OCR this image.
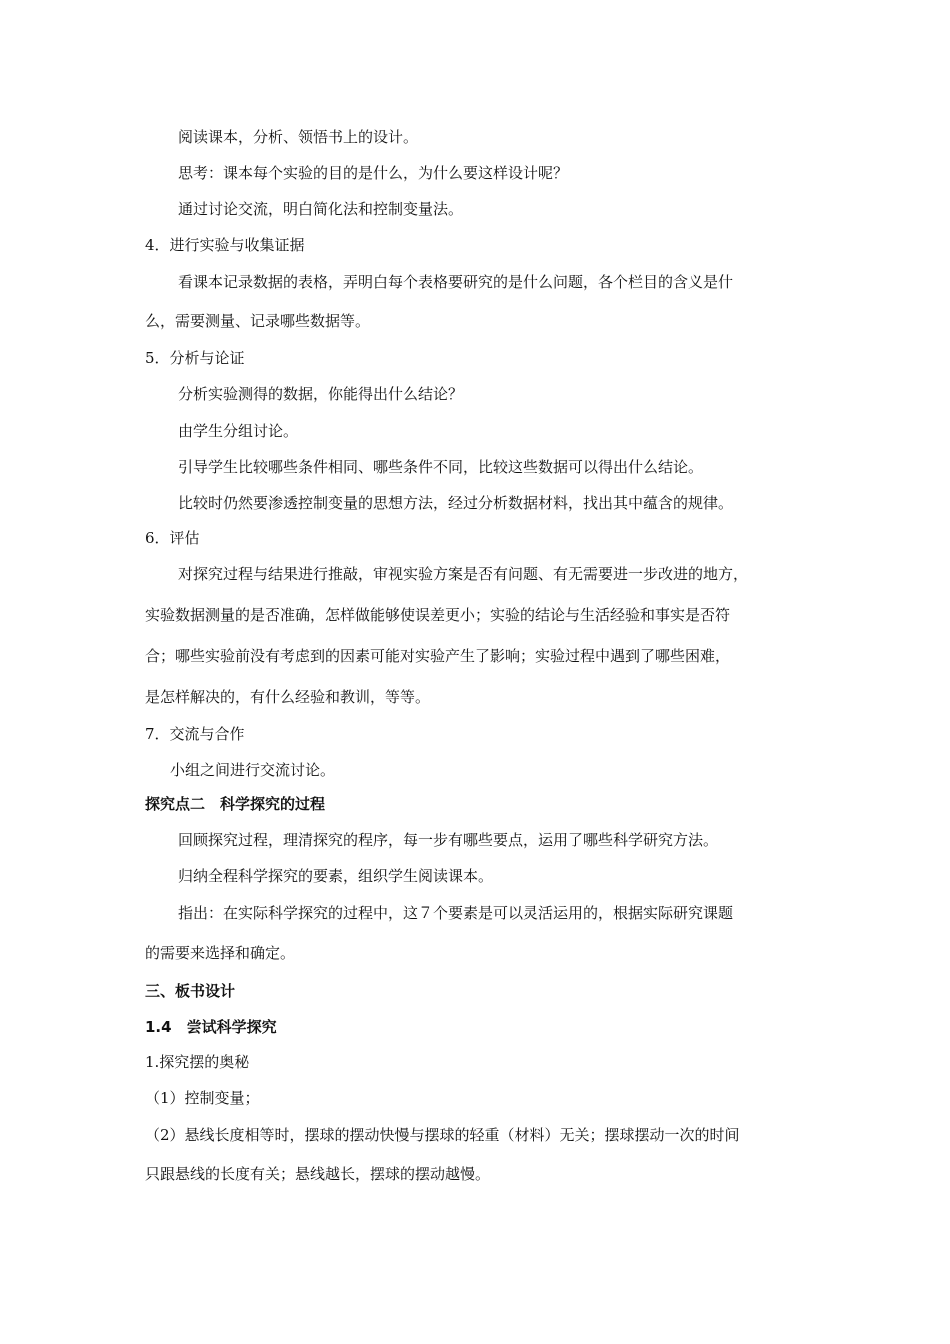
阅读课本，分析、领悟书上的设计。
思考：课本每个实验的目的是什么，为什么要这样设计呢？
通过讨论交流，明白简化法和控制变量法。
4．进行实验与收集证据
看课本记录数据的表格，弄明白每个表格要研究的是什么问题，各个栏目的含义是什
么，需要测量、记录哪些数据等。
5．分析与论证
分析实验测得的数据，你能得出什么结论？
由学生分组讨论。
引导学生比较哪些条件相同、哪些条件不同，比较这些数据可以得出什么结论。
比较时仍然要渗透控制变量的思想方法，经过分析数据材料，找出其中蕴含的规律。
6．评估
对探究过程与结果进行推敲，审视实验方案是否有问题、有无需要进一步改进的地方，
实验数据测量的是否准确，怎样做能够使误差更小；实验的结论与生活经验和事实是否符
合；哪些实验前没有考虑到的因素可能对实验产生了影响；实验过程中遇到了哪些困难，
是怎样解决的，有什么经验和教训，等等。
7．交流与合作
小组之间进行交流讨论。
探究点二　科学探究的过程
回顾探究过程，理清探究的程序，每一步有哪些要点，运用了哪些科学研究方法。
归纳全程科学探究的要素，组织学生阅读课本。
指出：在实际科学探究的过程中，这７个要素是可以灵活运用的，根据实际研究课题
的需要来选择和确定。
三、板书设计
1.4　尝试科学探究
1.探究摆的奥秘
（1）控制变量；
（2）悬线长度相等时，摆球的摆动快慢与摆球的轻重（材料）无关；摆球摆动一次的时间
只跟悬线的长度有关；悬线越长，摆球的摆动越慢。
